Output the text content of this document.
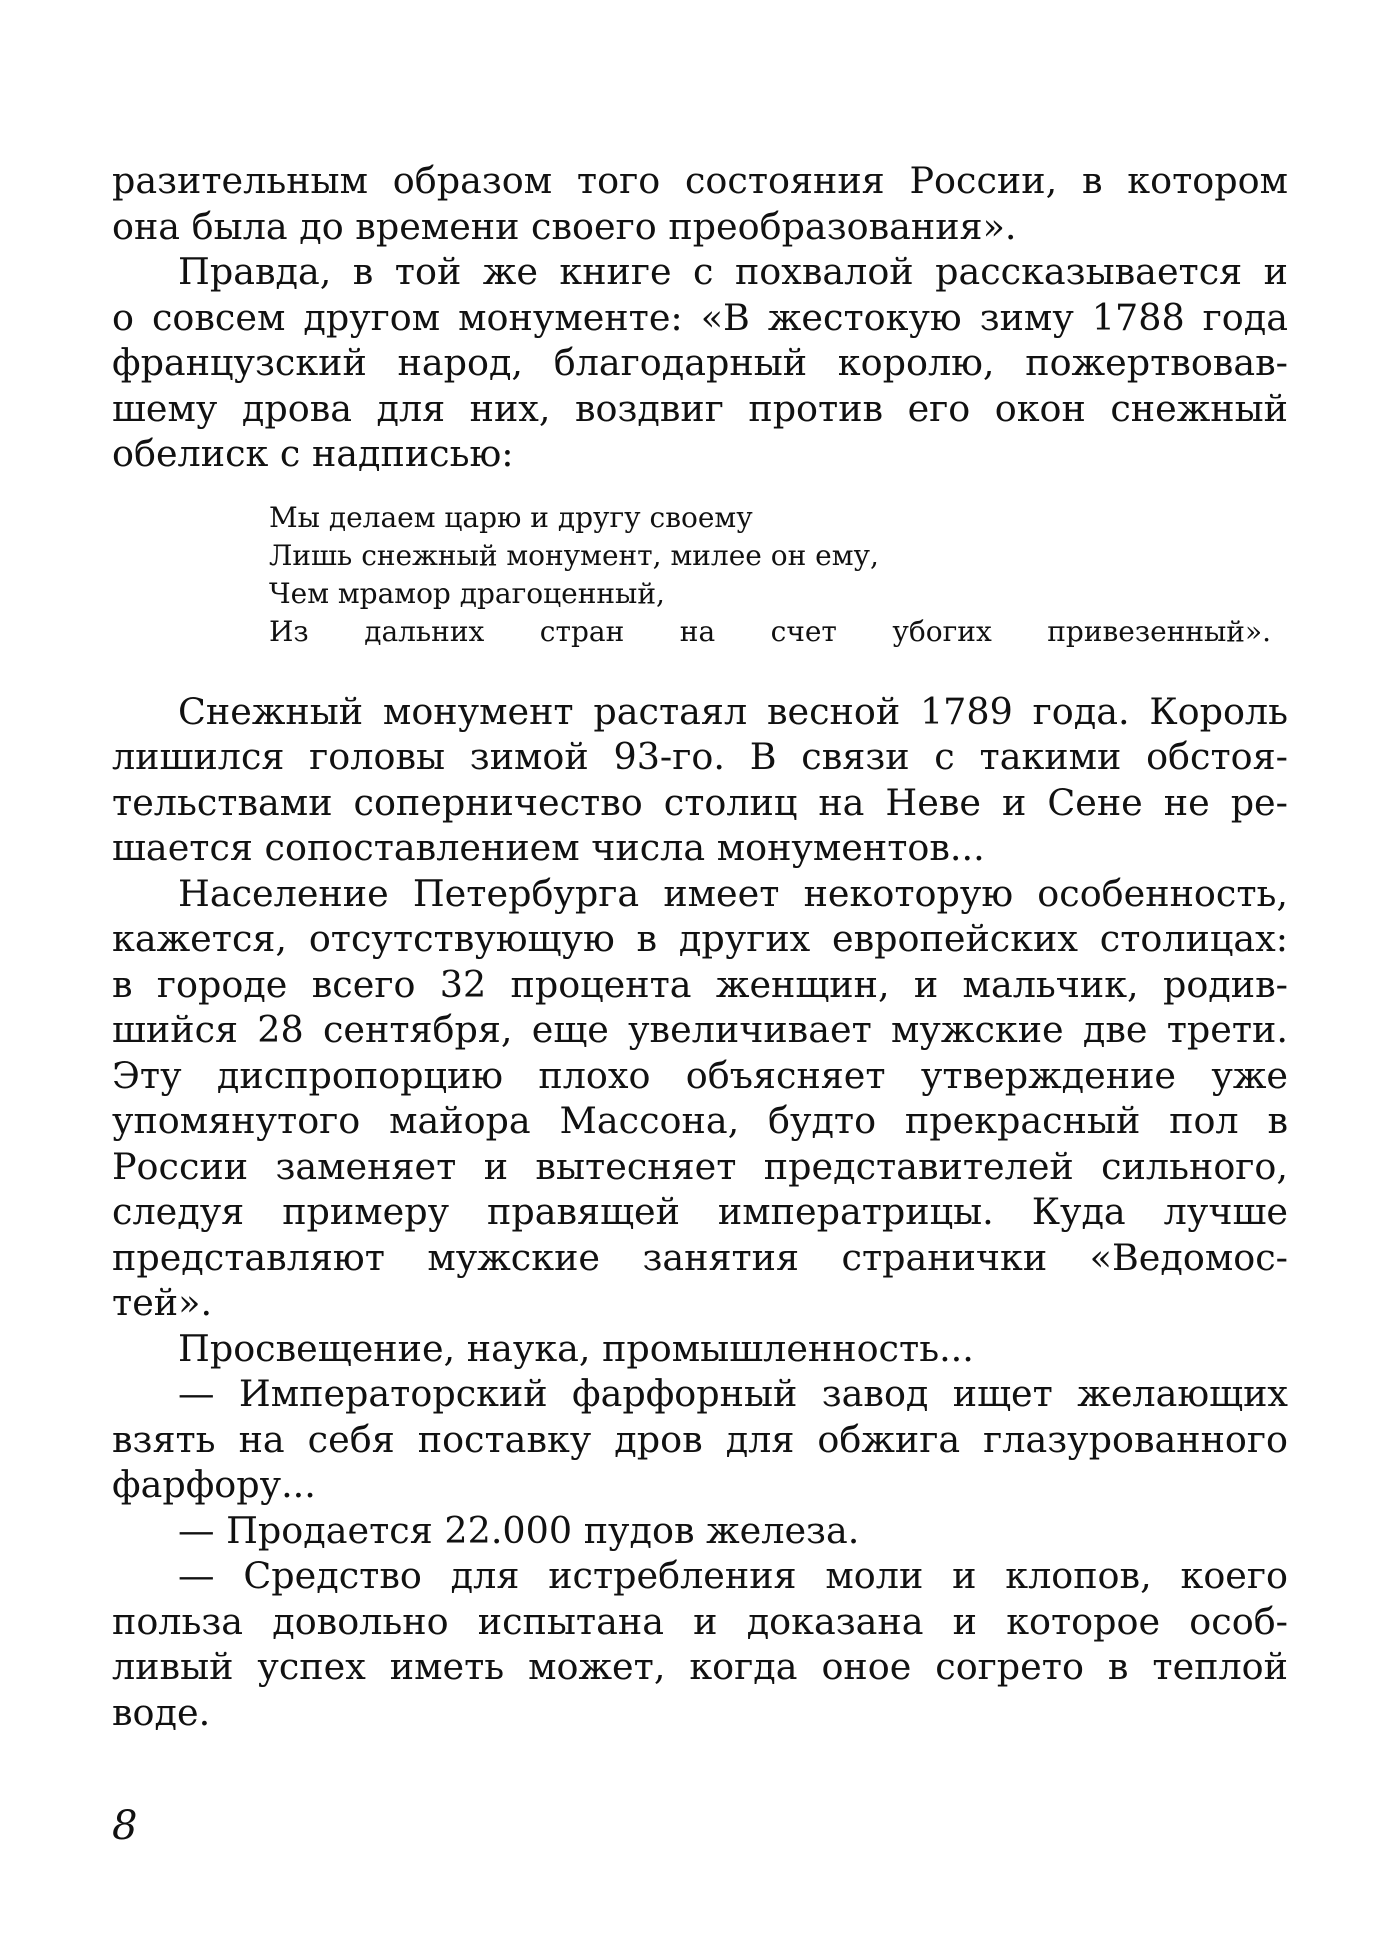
разительным образом того состояния России, в котором
она была до времени своего преобразования».
Правда, в той же книге с похвалой рассказывается и
о совсем другом монументе: «В жестокую зиму 1788 года
французский народ, благодарный королю, пожертвовав-
шему дрова для них, воздвиг против его окон снежный
обелиск с надписью:
Мы делаем царю и другу своему
Лишь снежный монумент, милее он ему,
Чем мрамор драгоценный,
Из дальних стран на счет убогих привезенный».
Снежный монумент растаял весной 1789 года. Король
лишился головы зимой 93-го. В связи с такими обстоя-
тельствами соперничество столиц на Неве и Сене не ре-
шается сопоставлением числа монументов...
Население Петербурга имеет некоторую особенность,
кажется, отсутствующую в других европейских столицах:
в городе всего 32 процента женщин, и мальчик, родив-
шийся 28 сентября, еще увеличивает мужские две трети.
Эту диспропорцию плохо объясняет утверждение уже
упомянутого майора Массона, будто прекрасный пол в
России заменяет и вытесняет представителей сильного,
следуя примеру правящей императрицы. Куда лучше
представляют мужские занятия странички «Ведомос-
тей».
Просвещение, наука, промышленность...
— Императорский фарфорный завод ищет желающих
взять на себя поставку дров для обжига глазурованного
фарфору...
— Продается 22.000 пудов железа.
— Средство для истребления моли и клопов, коего
польза довольно испытана и доказана и которое особ-
ливый успех иметь может, когда оное согрето в теплой
воде.
8
